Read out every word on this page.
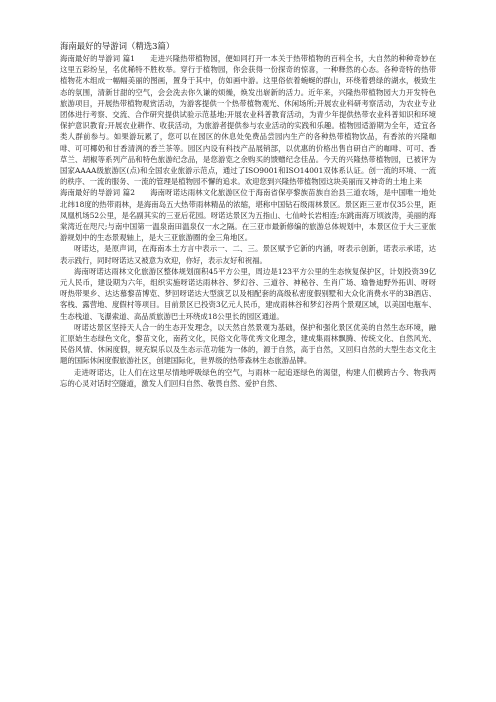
海南最好的导游词（精选3篇）

海南最好的导游词 篇1　　走进兴隆热带植物园，便如同打开一本关于热带植物的百科全书，大自然的种种奇妙在这里五彩纷呈，名优稀特不胜枚举。穿行于植物园，你会获得一份探奇的惊喜，一种释然的心态。各种奇特的热带植物花木组成一幅幅美丽的图画，置身于其中，仿如画中游。这里俗依着蜿蜒的群山，环绕着碧绿的湖水，极致生态的氛围，清新甘甜的空气，会会洗去你久谦的烦燥，焕发出崭新的活力。近年来，兴隆热带植物园大力开发特色旅游项目，开展热带植物观赏活动，为游客提供一个热带植物观光、休闲场所;开展农业科研考察活动，为农业专业团体进行考察、交流、合作研究提供试验示范基地;开展农业科普教育活动，为青少年提供热带农业科普知识和环境保护意识教育;开展农业耕作、收获活动，为旅游者提供参与农业活动的实践和乐趣。植物园适游期为全年，适宜各类人群前参与。如果游玩累了，您可以在园区的休息处免费品尝园内生产的各种热带植物饮品，有香浓的兴隆咖啡、可可椰奶和甘香清洌的香兰茶等。园区内设有科技产品展销部，以优惠的价格出售自研自产的咖啡、可可、香草兰、胡椒等系列产品和特色旅游纪念品，是您游览之余购买的馈赠纪念佳品。今天的兴隆热带植物园，已被评为国家AAAA级旅游区(点)和全国农业旅游示范点，通过了ISO9001和ISO14001双体系认证。创一流的环境、一流的秩序、一流的服务、一流的管理是植物园不懈的追求。欢迎您到兴隆热带植物园这块美丽而又神奇的土地上来

海南最好的导游词 篇2　　海南呀诺达雨林文化旅游区位于海南省保亭黎族苗族自治县三道农场，是中国唯一地处北纬18度的热带雨林，是海南岛五大热带雨林精品的浓缩，堪称中国钻石级雨林景区。景区距三亚市仅35公里，距凤凰机场52公里，是名副其实的三亚后花园。呀诺达景区为五指山、七仙岭长岩相连;东跳南海万顷波涛，美丽的海棠湾近在咫尺;与南中国第一温泉南田温泉仅一水之隔。在三亚市最新修编的旅游总体规划中，本景区位于大三亚旅游规划中的生态景观轴上，是大三亚旅游圈的金三角地区。

呀诺达，是原声词，在海南本土方言中表示一、二、三。景区赋予它新的内涵，呀表示创新，诺表示承诺，达表示践行，同时呀诺达又被意为欢迎，你好，表示友好和祝福。

海南呀诺达雨林文化旅游区整体规划面积45平方公里，周边是123平方公里的生态恢复保护区，计划投资39亿元人民币，建设期为六年，组织实施呀诺达雨林谷、梦幻谷、三道谷、神秘谷、生肖广场、瑜鲁迪野外拓训、呀呀呀热带果乡、达达慕黎苗博览、梦回呀诺达大型演艺以及相配套的高级私密度假别墅和大众化消费水平的3B酒店、客栈、露营地、度假村等项目。目前景区已投资3亿元人民币，建成雨林谷和梦幻谷两个景观区域，以美国电瓶车、生态栈道、飞瀑索道、高品质旅游巴士环绕成18公里长的园区通道。

呀诺达景区坚持天人合一的生态开发理念，以天然自然景观为基础，保护和强化景区优美的自然生态环境，融汇原始生态绿色文化，黎苗文化，南药文化，民俗文化等优秀文化理念，建成集雨林飘腾、传统文化、自然风光、民俗风情、休闲度假，规充娱乐以及生态示范功能为一体的，源于自然，高于自然，又回归自然的大型生态文化主题的国际休闲度假旅游社区，创建国际化，世界级的热带森林生态旅游品牌。

走进呀诺达，让人们在这里尽情地呼吸绿色的空气，与雨林一起追逐绿色的渴望，构建人们横跨古今、物我两忘的心灵对话时空隧道，激发人们回归自然、敬畏自然、爱护自然、
